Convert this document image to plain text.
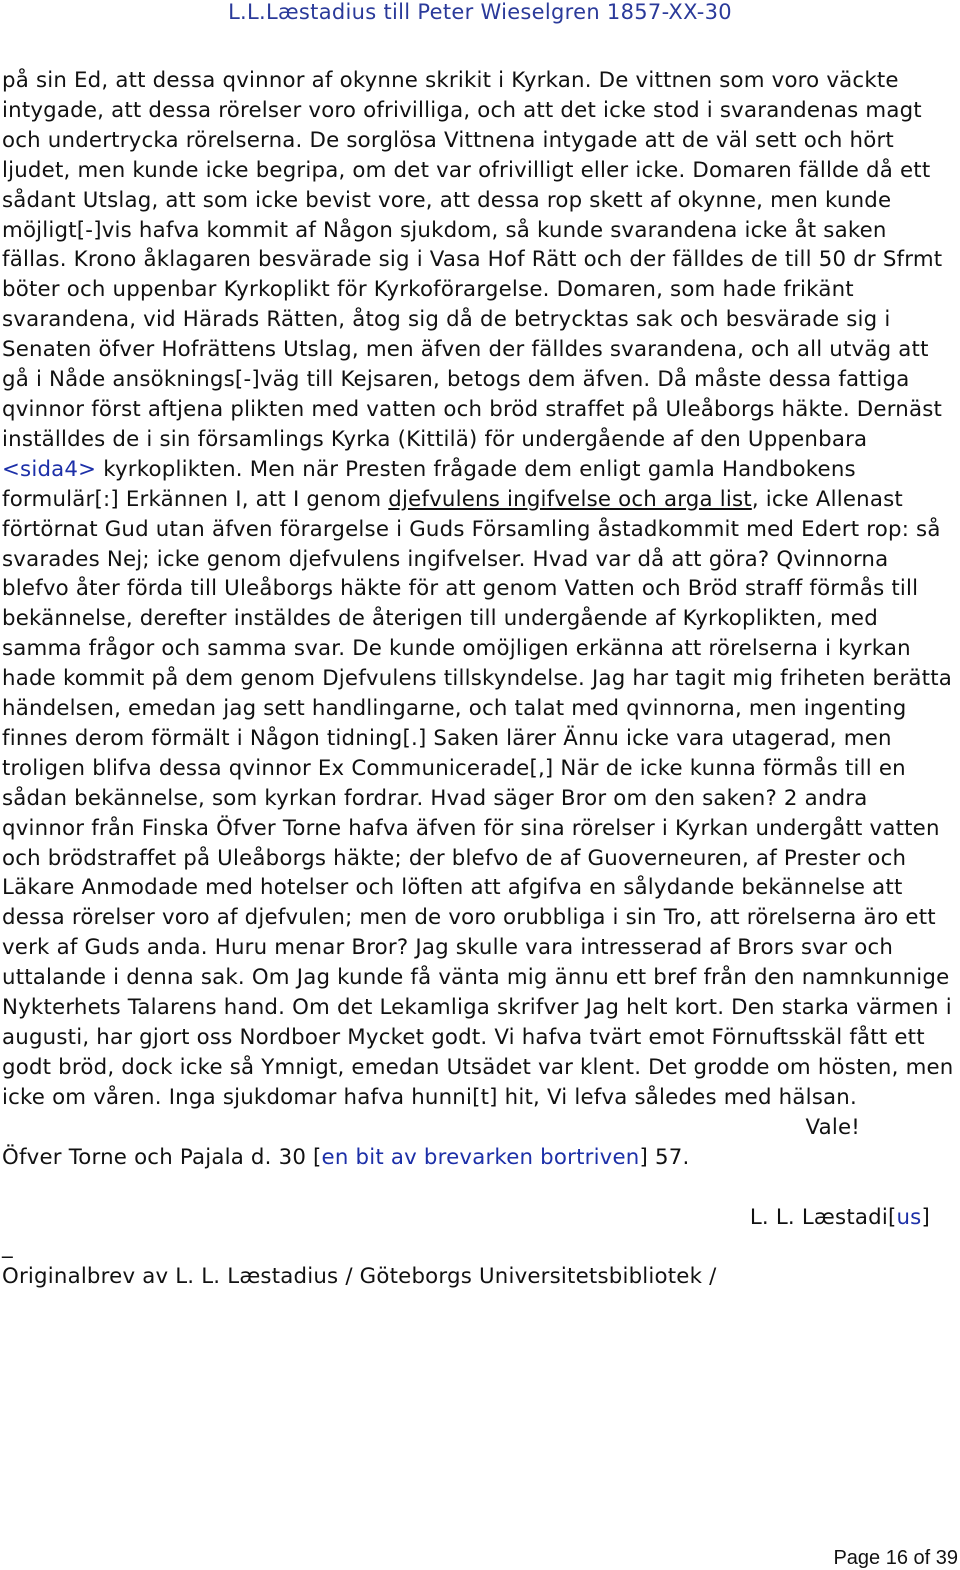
L.L.Læstadius till Peter Wieselgren 1857-XX-30

på sin Ed, att dessa qvinnor af okynne skrikit i Kyrkan. De vittnen som voro väckte intygade, att dessa rörelser voro ofrivilliga, och att det icke stod i svarandenas magt och undertrycka rörelserna. De sorglösa Vittnena intygade att de väl sett och hört ljudet, men kunde icke begripa, om det var ofrivilligt eller icke. Domaren fällde då ett sådant Utslag, att som icke bevist vore, att dessa rop skett af okynne, men kunde möjligt[-]vis hafva kommit af Någon sjukdom, så kunde svarandena icke åt saken fällas. Krono åklagaren besvärade sig i Vasa Hof Rätt och der fälldes de till 50 dr Sfrmt böter och uppenbar Kyrkoplikt för Kyrkoförargelse. Domaren, som hade frikänt svarandena, vid Härads Rätten, åtog sig då de betrycktas sak och besvärade sig i Senaten öfver Hofrättens Utslag, men äfven der fälldes svarandena, och all utväg att gå i Nåde ansöknings[-]väg till Kejsaren, betogs dem äfven. Då måste dessa fattiga qvinnor först aftjena plikten med vatten och bröd straffet på Uleåborgs häkte. Dernäst inställdes de i sin församlings Kyrka (Kittilä) för undergående af den Uppenbara <sida4> kyrkoplikten. Men när Presten frågade dem enligt gamla Handbokens formulär[:] Erkännen I, att I genom djefvulens ingifvelse och arga list, icke Allenast förtörnat Gud utan äfven förargelse i Guds Församling åstadkommit med Edert rop: så svarades Nej; icke genom djefvulens ingifvelser. Hvad var då att göra? Qvinnorna blefvo åter förda till Uleåborgs häkte för att genom Vatten och Bröd straff förmås till bekännelse, derefter instäldes de återigen till undergående af Kyrkoplikten, med samma frågor och samma svar. De kunde omöjligen erkänna att rörelserna i kyrkan hade kommit på dem genom Djefvulens tillskyndelse. Jag har tagit mig friheten berätta händelsen, emedan jag sett handlingarne, och talat med qvinnorna, men ingenting finnes derom förmält i Någon tidning[.] Saken lärer Ännu icke vara utagerad, men troligen blifva dessa qvinnor Ex Communicerade[,] När de icke kunna förmås till en sådan bekännelse, som kyrkan fordrar. Hvad säger Bror om den saken? 2 andra qvinnor från Finska Öfver Torne hafva äfven för sina rörelser i Kyrkan undergått vatten och brödstraffet på Uleåborgs häkte; der blefvo de af Guoverneuren, af Prester och Läkare Anmodade med hotelser och löften att afgifva en sålydande bekännelse att dessa rörelser voro af djefvulen; men de voro orubbliga i sin Tro, att rörelserna äro ett verk af Guds anda. Huru menar Bror? Jag skulle vara intresserad af Brors svar och uttalande i denna sak. Om Jag kunde få vänta mig ännu ett bref från den namnkunnige Nykterhets Talarens hand. Om det Lekamliga skrifver Jag helt kort. Den starka värmen i augusti, har gjort oss Nordboer Mycket godt. Vi hafva tvärt emot Förnuftsskäl fått ett godt bröd, dock icke så Ymnigt, emedan Utsädet var klent. Det grodde om hösten, men icke om våren. Inga sjukdomar hafva hunni[t] hit, Vi lefva således med hälsan.

Vale!

Öfver Torne och Pajala d. 30 [en bit av brevarken bortriven] 57.

L. L. Læstadi[us]

_

Originalbrev av L. L. Læstadius / Göteborgs Universitetsbibliotek /

Page 16 of 39
